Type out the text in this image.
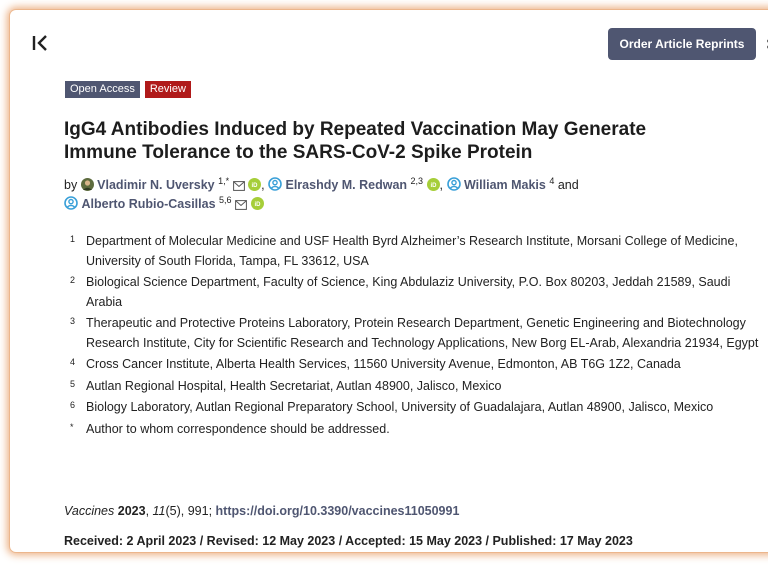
Order Article Reprints
Open Access	Review
IgG4 Antibodies Induced by Repeated Vaccination May Generate Immune Tolerance to the SARS-CoV-2 Spike Protein
by Vladimir N. Uversky $^{1,*}$
iD ,  Elrashdy M. Redwan $^{2,3}$
iD ,  William Makis $^4$ and
Alberto Rubio-Casillas $^{5,6}$
iD
1 Department of Molecular Medicine and USF Health Byrd Alzheimer’s Research Institute, Morsani College of Medicine, University of South Florida, Tampa, FL 33612, USA
2 Biological Science Department, Faculty of Science, King Abdulaziz University, P.O. Box 80203, Jeddah 21589, Saudi Arabia
3 Therapeutic and Protective Proteins Laboratory, Protein Research Department, Genetic Engineering and Biotechnology Research Institute, City for Scientific Research and Technology Applications, New Borg EL-Arab, Alexandria 21934, Egypt
4 Cross Cancer Institute, Alberta Health Services, 11560 University Avenue, Edmonton, AB T6G 1Z2, Canada
5 Autlan Regional Hospital, Health Secretariat, Autlan 48900, Jalisco, Mexico
6 Biology Laboratory, Autlan Regional Preparatory School, University of Guadalajara, Autlan 48900, Jalisco, Mexico
* Author to whom correspondence should be addressed.
Vaccines 2023, 11(5), 991; https://doi.org/10.3390/vaccines11050991
Received: 2 April 2023 / Revised: 12 May 2023 / Accepted: 15 May 2023 / Published: 17 May 2023
